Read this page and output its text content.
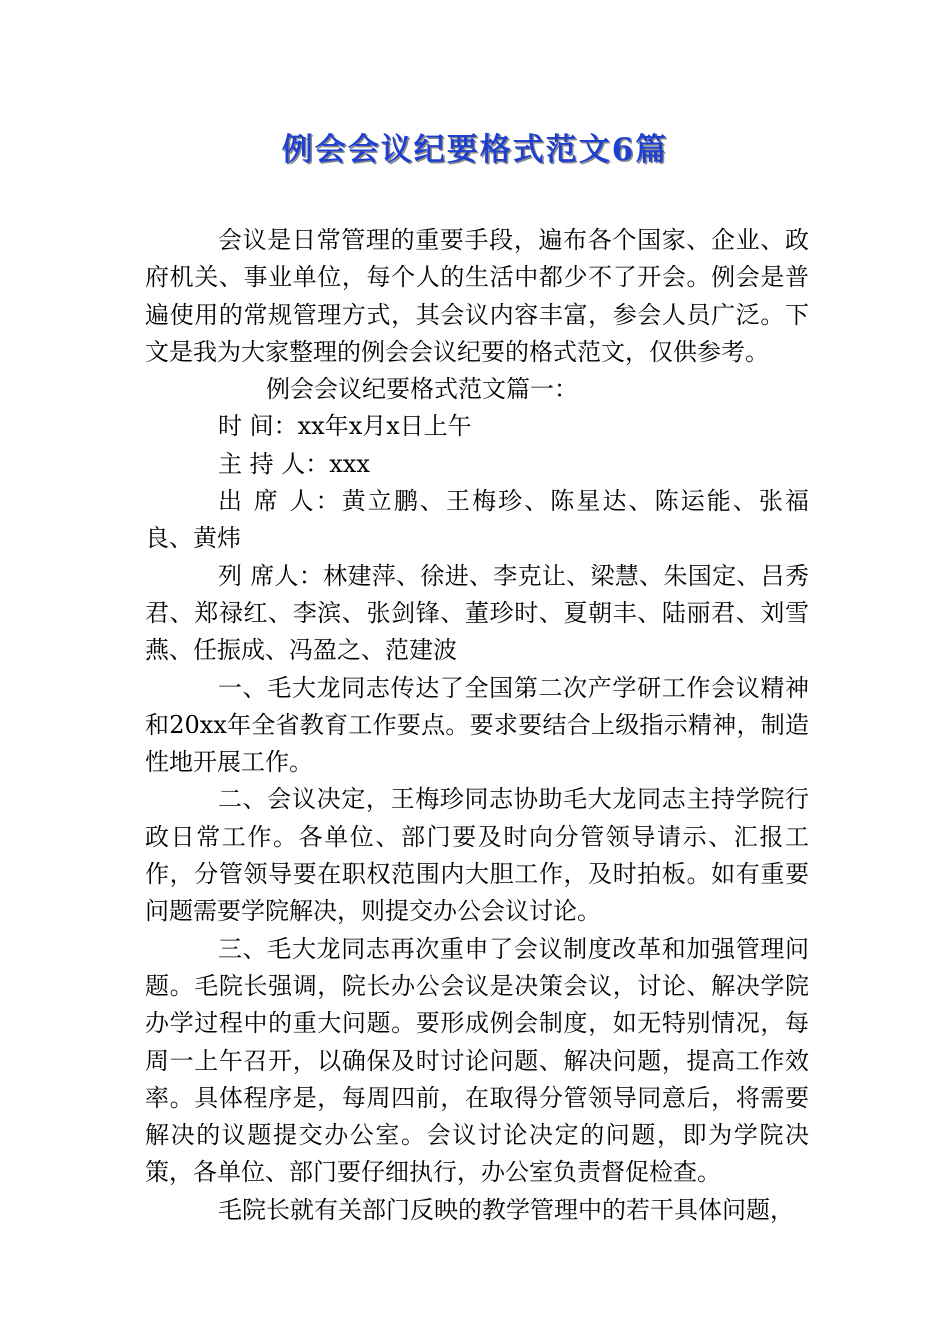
例会会议纪要格式范文6篇

会议是日常管理的重要手段，遍布各个国家、企业、政府机关、事业单位，每个人的生活中都少不了开会。例会是普遍使用的常规管理方式，其会议内容丰富，参会人员广泛。下文是我为大家整理的例会会议纪要的格式范文，仅供参考。

例会会议纪要格式范文篇一：

时 间：xx年x月x日上午

主 持 人：xxx

出 席 人：黄立鹏、王梅珍、陈星达、陈运能、张福良、黄炜

列 席人：林建萍、徐进、李克让、梁慧、朱国定、吕秀君、郑禄红、李滨、张剑锋、董珍时、夏朝丰、陆丽君、刘雪燕、任振成、冯盈之、范建波

一、毛大龙同志传达了全国第二次产学研工作会议精神和20xx年全省教育工作要点。要求要结合上级指示精神，制造性地开展工作。

二、会议决定，王梅珍同志协助毛大龙同志主持学院行政日常工作。各单位、部门要及时向分管领导请示、汇报工作，分管领导要在职权范围内大胆工作，及时拍板。如有重要问题需要学院解决，则提交办公会议讨论。

三、毛大龙同志再次重申了会议制度改革和加强管理问题。毛院长强调，院长办公会议是决策会议，讨论、解决学院办学过程中的重大问题。要形成例会制度，如无特别情况，每周一上午召开，以确保及时讨论问题、解决问题，提高工作效率。具体程序是，每周四前，在取得分管领导同意后，将需要解决的议题提交办公室。会议讨论决定的问题，即为学院决策，各单位、部门要仔细执行，办公室负责督促检查。

毛院长就有关部门反映的教学管理中的若干具体问题，
